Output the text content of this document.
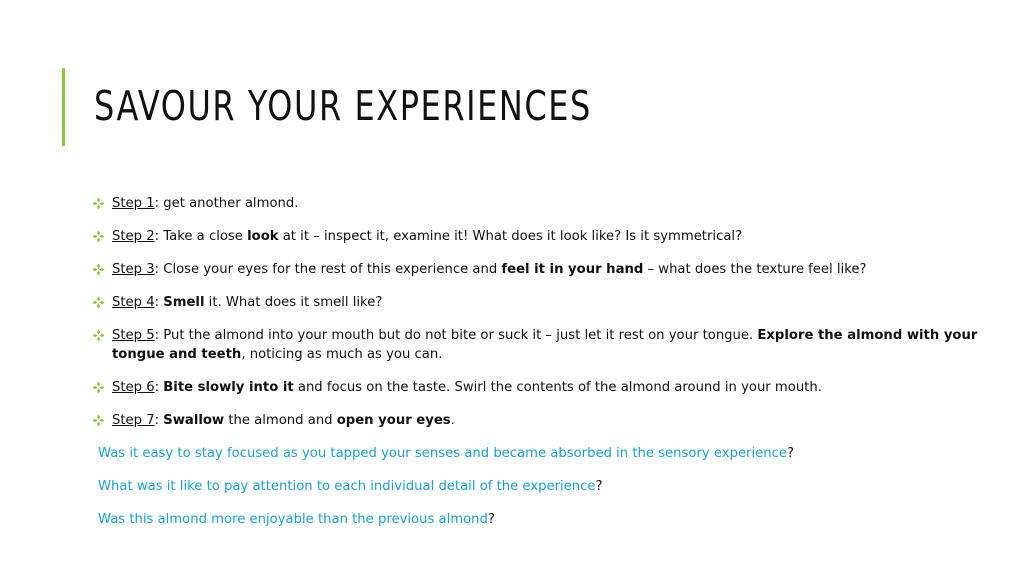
SAVOUR YOUR EXPERIENCES
Step 1: get another almond.
Step 2: Take a close look at it – inspect it, examine it! What does it look like? Is it symmetrical?
Step 3: Close your eyes for the rest of this experience and feel it in your hand – what does the texture feel like?
Step 4: Smell it. What does it smell like?
Step 5: Put the almond into your mouth but do not bite or suck it – just let it rest on your tongue. Explore the almond with your tongue and teeth, noticing as much as you can.
Step 6: Bite slowly into it and focus on the taste. Swirl the contents of the almond around in your mouth.
Step 7: Swallow the almond and open your eyes.
Was it easy to stay focused as you tapped your senses and became absorbed in the sensory experience?
What was it like to pay attention to each individual detail of the experience?
Was this almond more enjoyable than the previous almond?
